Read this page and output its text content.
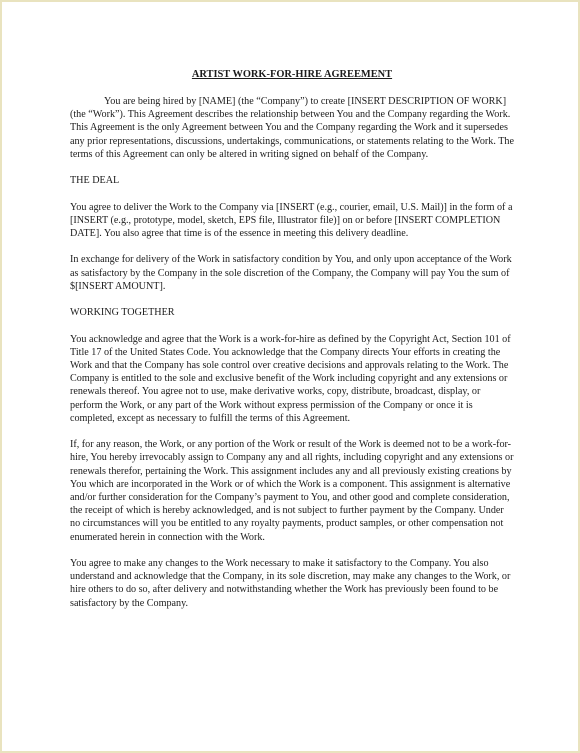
ARTIST WORK-FOR-HIRE AGREEMENT
You are being hired by [NAME] (the “Company”) to create [INSERT DESCRIPTION OF WORK] (the “Work”). This Agreement describes the relationship between You and the Company regarding the Work. This Agreement is the only Agreement between You and the Company regarding the Work and it supersedes any prior representations, discussions, undertakings, communications, or statements relating to the Work. The terms of this Agreement can only be altered in writing signed on behalf of the Company.
THE DEAL
You agree to deliver the Work to the Company via [INSERT (e.g., courier, email, U.S. Mail)] in the form of a [INSERT (e.g., prototype, model, sketch, EPS file, Illustrator file)] on or before [INSERT COMPLETION DATE]. You also agree that time is of the essence in meeting this delivery deadline.
In exchange for delivery of the Work in satisfactory condition by You, and only upon acceptance of the Work as satisfactory by the Company in the sole discretion of the Company, the Company will pay You the sum of $[INSERT AMOUNT].
WORKING TOGETHER
You acknowledge and agree that the Work is a work-for-hire as defined by the Copyright Act, Section 101 of Title 17 of the United States Code. You acknowledge that the Company directs Your efforts in creating the Work and that the Company has sole control over creative decisions and approvals relating to the Work. The Company is entitled to the sole and exclusive benefit of the Work including copyright and any extensions or renewals thereof. You agree not to use, make derivative works, copy, distribute, broadcast, display, or perform the Work, or any part of the Work without express permission of the Company or once it is completed, except as necessary to fulfill the terms of this Agreement.
If, for any reason, the Work, or any portion of the Work or result of the Work is deemed not to be a work-for-hire, You hereby irrevocably assign to Company any and all rights, including copyright and any extensions or renewals therefor, pertaining the Work. This assignment includes any and all previously existing creations by You which are incorporated in the Work or of which the Work is a component. This assignment is alternative and/or further consideration for the Company’s payment to You, and other good and complete consideration, the receipt of which is hereby acknowledged, and is not subject to further payment by the Company. Under no circumstances will you be entitled to any royalty payments, product samples, or other compensation not enumerated herein in connection with the Work.
You agree to make any changes to the Work necessary to make it satisfactory to the Company. You also understand and acknowledge that the Company, in its sole discretion, may make any changes to the Work, or hire others to do so, after delivery and notwithstanding whether the Work has previously been found to be satisfactory by the Company.
